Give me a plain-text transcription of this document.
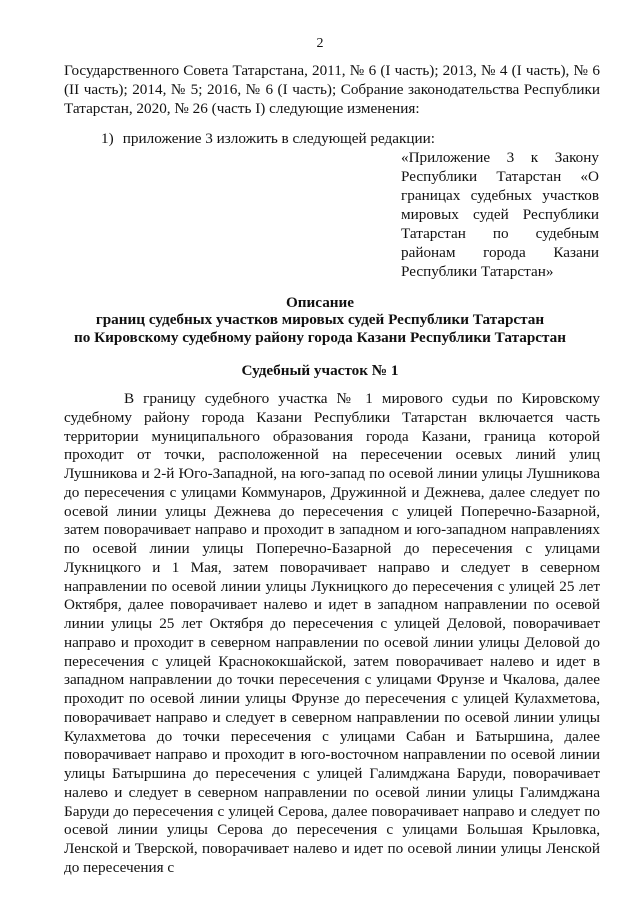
2
Государственного Совета Татарстана, 2011, № 6 (I часть); 2013, № 4 (I часть), № 6 (II часть); 2014, № 5; 2016, № 6 (I часть); Собрание законодательства Республики Татарстан, 2020, № 26 (часть I) следующие изменения:
1) приложение 3 изложить в следующей редакции:
«Приложение 3 к Закону Республики Татарстан «О границах судебных участков мировых судей Республики Татарстан по судебным районам города Казани Республики Татарстан»
Описание
границ судебных участков мировых судей Республики Татарстан
по Кировскому судебному району города Казани Республики Татарстан
Судебный участок № 1
В границу судебного участка № 1 мирового судьи по Кировскому судебному району города Казани Республики Татарстан включается часть территории муниципального образования города Казани, граница которой проходит от точки, расположенной на пересечении осевых линий улиц Лушникова и 2-й Юго-Западной, на юго-запад по осевой линии улицы Лушникова до пересечения с улицами Коммунаров, Дружинной и Дежнева, далее следует по осевой линии улицы Дежнева до пересечения с улицей Поперечно-Базарной, затем поворачивает направо и проходит в западном и юго-западном направлениях по осевой линии улицы Поперечно-Базарной до пересечения с улицами Лукницкого и 1 Мая, затем поворачивает направо и следует в северном направлении по осевой линии улицы Лукницкого до пересечения с улицей 25 лет Октября, далее поворачивает налево и идет в западном направлении по осевой линии улицы 25 лет Октября до пересечения с улицей Деловой, поворачивает направо и проходит в северном направлении по осевой линии улицы Деловой до пересечения с улицей Краснококшайской, затем поворачивает налево и идет в западном направлении до точки пересечения с улицами Фрунзе и Чкалова, далее проходит по осевой линии улицы Фрунзе до пересечения с улицей Кулахметова, поворачивает направо и следует в северном направлении по осевой линии улицы Кулахметова до точки пересечения с улицами Сабан и Батыршина, далее поворачивает направо и проходит в юго-восточном направлении по осевой линии улицы Батыршина до пересечения с улицей Галимджана Баруди, поворачивает налево и следует в северном направлении по осевой линии улицы Галимджана Баруди до пересечения с улицей Серова, далее поворачивает направо и следует по осевой линии улицы Серова до пересечения с улицами Большая Крыловка, Ленской и Тверской, поворачивает налево и идет по осевой линии улицы Ленской до пересечения с
